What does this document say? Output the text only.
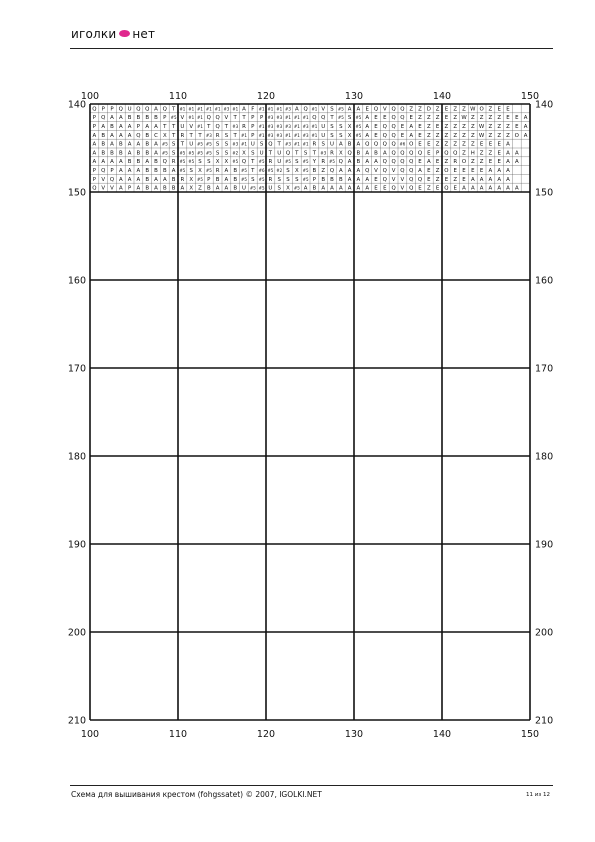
иголки нет
Q P P Q U Q Q A Q T #1 #1 #1 #1 #1 #3 #1 A F #1 #1 #1 #3 A Q #1 V S #5 A A E Q V Q Q Z Z D Z E Z Z W O Z E E
P Q A A B B B B P #5 V #1 #1 Q Q V T T P P #3 #3 #1 #1 #1 Q Q T #5 S #5 A E E Q Q E Z Z Z E Z W Z Z Z Z E E A
P A B A A P A A T T U V #1 T Q T #3 R P #1 #3 #3 #3 #1 #3 #1 U S S X #5 A E Q Q E A E Z E Z Z Z Z W Z Z Z E A
A B A A A Q B C X T R T T #3 R S T #1 P #1 #3 #3 #1 #1 #3 #1 U S S X #5 A E Q Q E A E Z Z Z Z Z Z W Z Z Z O A
A B A B A A B A #5 S T U #5 #5 S S #3 #1 U S Q T #3 #1 #1 R S U A B A Q Q Q Q #6 O E E Z Z Z Z Z E E E A
A B B B A B B A #5 S #5 #5 #5 #5 S S #2 X S U T U Q T S T #3 R X Q B A B A Q Q Q Q E P Q Q Z H Z Z E A A
A A A A B B A B Q R #5 #5 S S X X #5 Q T #5 R U #5 S #5 Y R #5 Q A B A A Q Q Q Q E A E Z R O Z Z E E A A
P Q P A A A B B B A #5 S X #5 R A B #5 T #6 #5 #2 S X #5 B Z Q A A A Q V Q V Q Q A E Z O E E E E A A A
P V Q A A A B A A B R X #5 P B A B #5 S #5 R S S S #5 P B B B A A A E Q V V Q Q E Z E Z E A A A A A
Q V V A P A B A B B A X Z B A A B U #5 #5 U S X #5 A B A A A A A A E E Q V Q E Z E Q E A A A A A A A
100
100
110
110
120
120
130
130
140
140
150
150
140	140
150	150
160	160
170	170
180	180
190	190
200	200
210	210
Схема для вышивания крестом (fohgssatet) © 2007, IGOLKI.NET	11 из 12
